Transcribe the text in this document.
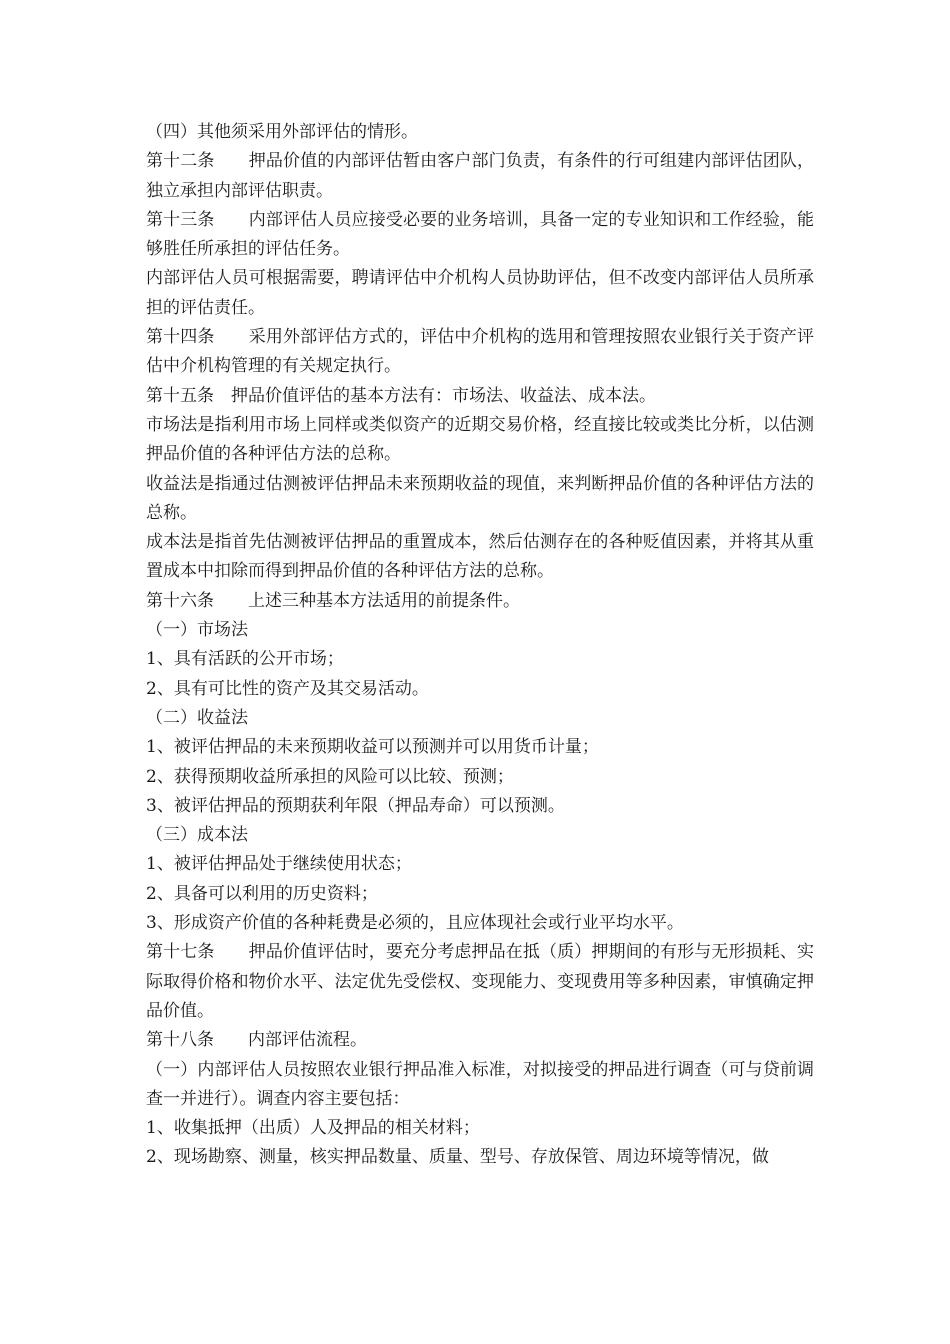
（四）其他须采用外部评估的情形。

第十二条　　押品价值的内部评估暂由客户部门负责，有条件的行可组建内部评估团队，独立承担内部评估职责。

第十三条　　内部评估人员应接受必要的业务培训，具备一定的专业知识和工作经验，能够胜任所承担的评估任务。

内部评估人员可根据需要，聘请评估中介机构人员协助评估，但不改变内部评估人员所承担的评估责任。

第十四条　　采用外部评估方式的，评估中介机构的选用和管理按照农业银行关于资产评估中介机构管理的有关规定执行。

第十五条　押品价值评估的基本方法有：市场法、收益法、成本法。

市场法是指利用市场上同样或类似资产的近期交易价格，经直接比较或类比分析，以估测押品价值的各种评估方法的总称。

收益法是指通过估测被评估押品未来预期收益的现值，来判断押品价值的各种评估方法的总称。

成本法是指首先估测被评估押品的重置成本，然后估测存在的各种贬值因素，并将其从重置成本中扣除而得到押品价值的各种评估方法的总称。

第十六条　　上述三种基本方法适用的前提条件。

（一）市场法

1、具有活跃的公开市场；

2、具有可比性的资产及其交易活动。

（二）收益法

1、被评估押品的未来预期收益可以预测并可以用货币计量；

2、获得预期收益所承担的风险可以比较、预测；

3、被评估押品的预期获利年限（押品寿命）可以预测。

（三）成本法

1、被评估押品处于继续使用状态；

2、具备可以利用的历史资料；

3、形成资产价值的各种耗费是必须的，且应体现社会或行业平均水平。

第十七条　　押品价值评估时，要充分考虑押品在抵（质）押期间的有形与无形损耗、实际取得价格和物价水平、法定优先受偿权、变现能力、变现费用等多种因素，审慎确定押品价值。

第十八条　　内部评估流程。

（一）内部评估人员按照农业银行押品准入标准，对拟接受的押品进行调查（可与贷前调查一并进行）。调查内容主要包括：

1、收集抵押（出质）人及押品的相关材料；

2、现场勘察、测量，核实押品数量、质量、型号、存放保管、周边环境等情况，做
